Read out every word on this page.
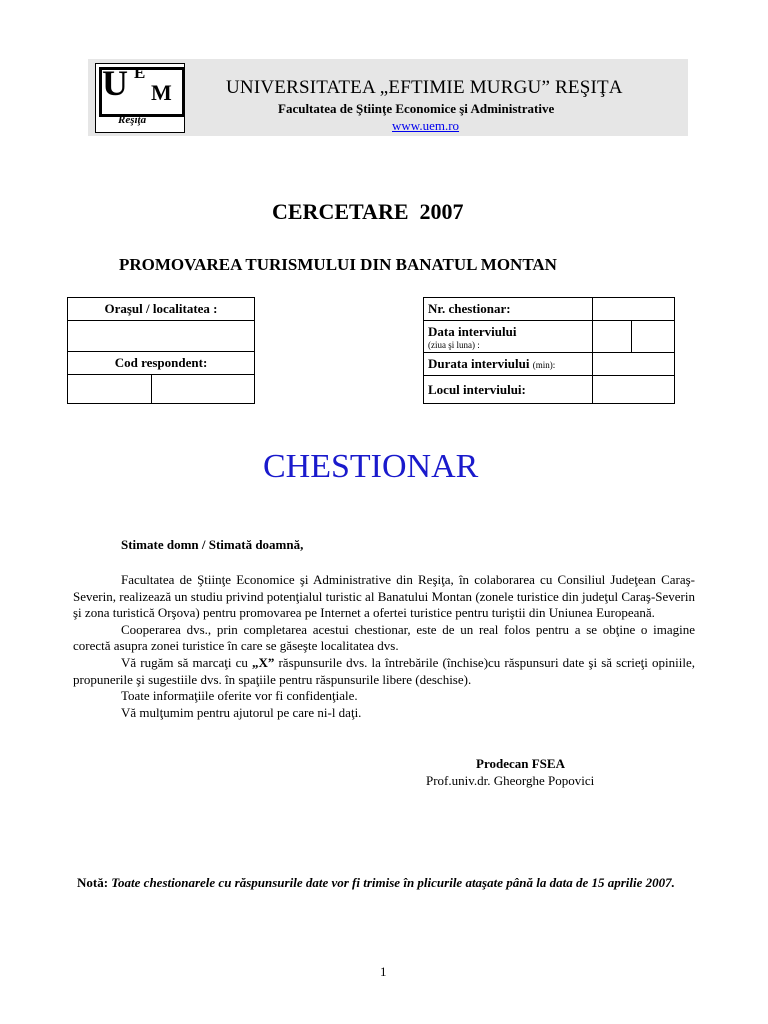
U E
M
Reşiţa
UNIVERSITATEA „EFTIMIE MURGU” REŞIŢA
Facultatea de Ştiinţe Economice şi Administrative
www.uem.ro
CERCETARE  2007
PROMOVAREA TURISMULUI DIN BANATUL MONTAN
Oraşul / localitatea :

Cod respondent:

Nr. chestionar:		

Data interviului
(ziua şi luna) :		

Durata interviului (min):		
Locul interviului:		
CHESTIONAR
Stimate domn / Stimată doamnă,

Facultatea de Ştiinţe Economice şi Administrative din Reşiţa, în colaborarea cu Consiliul Judeţean Caraş-Severin, realizează un studiu privind potenţialul turistic al Banatului Montan (zonele turistice din judeţul Caraş-Severin şi zona turistică Orşova) pentru promovarea pe Internet a ofertei turistice pentru turiştii din Uniunea Europeană.

Cooperarea dvs., prin completarea acestui chestionar, este de un real folos pentru a se obţine o imagine corectă asupra zonei turistice în care se găseşte localitatea dvs.

Vă rugăm să marcaţi cu „X” răspunsurile dvs. la întrebările (închise)cu răspunsuri date şi să scrieţi opiniile, propunerile şi sugestiile dvs. în spaţiile pentru răspunsurile libere (deschise).

Toate informaţiile oferite vor fi confidenţiale.

Vă mulţumim pentru ajutorul pe care ni-l daţi.

Prodecan FSEA
Prof.univ.dr. Gheorghe Popovici
Notă: Toate chestionarele cu răspunsurile date vor fi trimise în plicurile ataşate până la data de 15 aprilie 2007.
1
